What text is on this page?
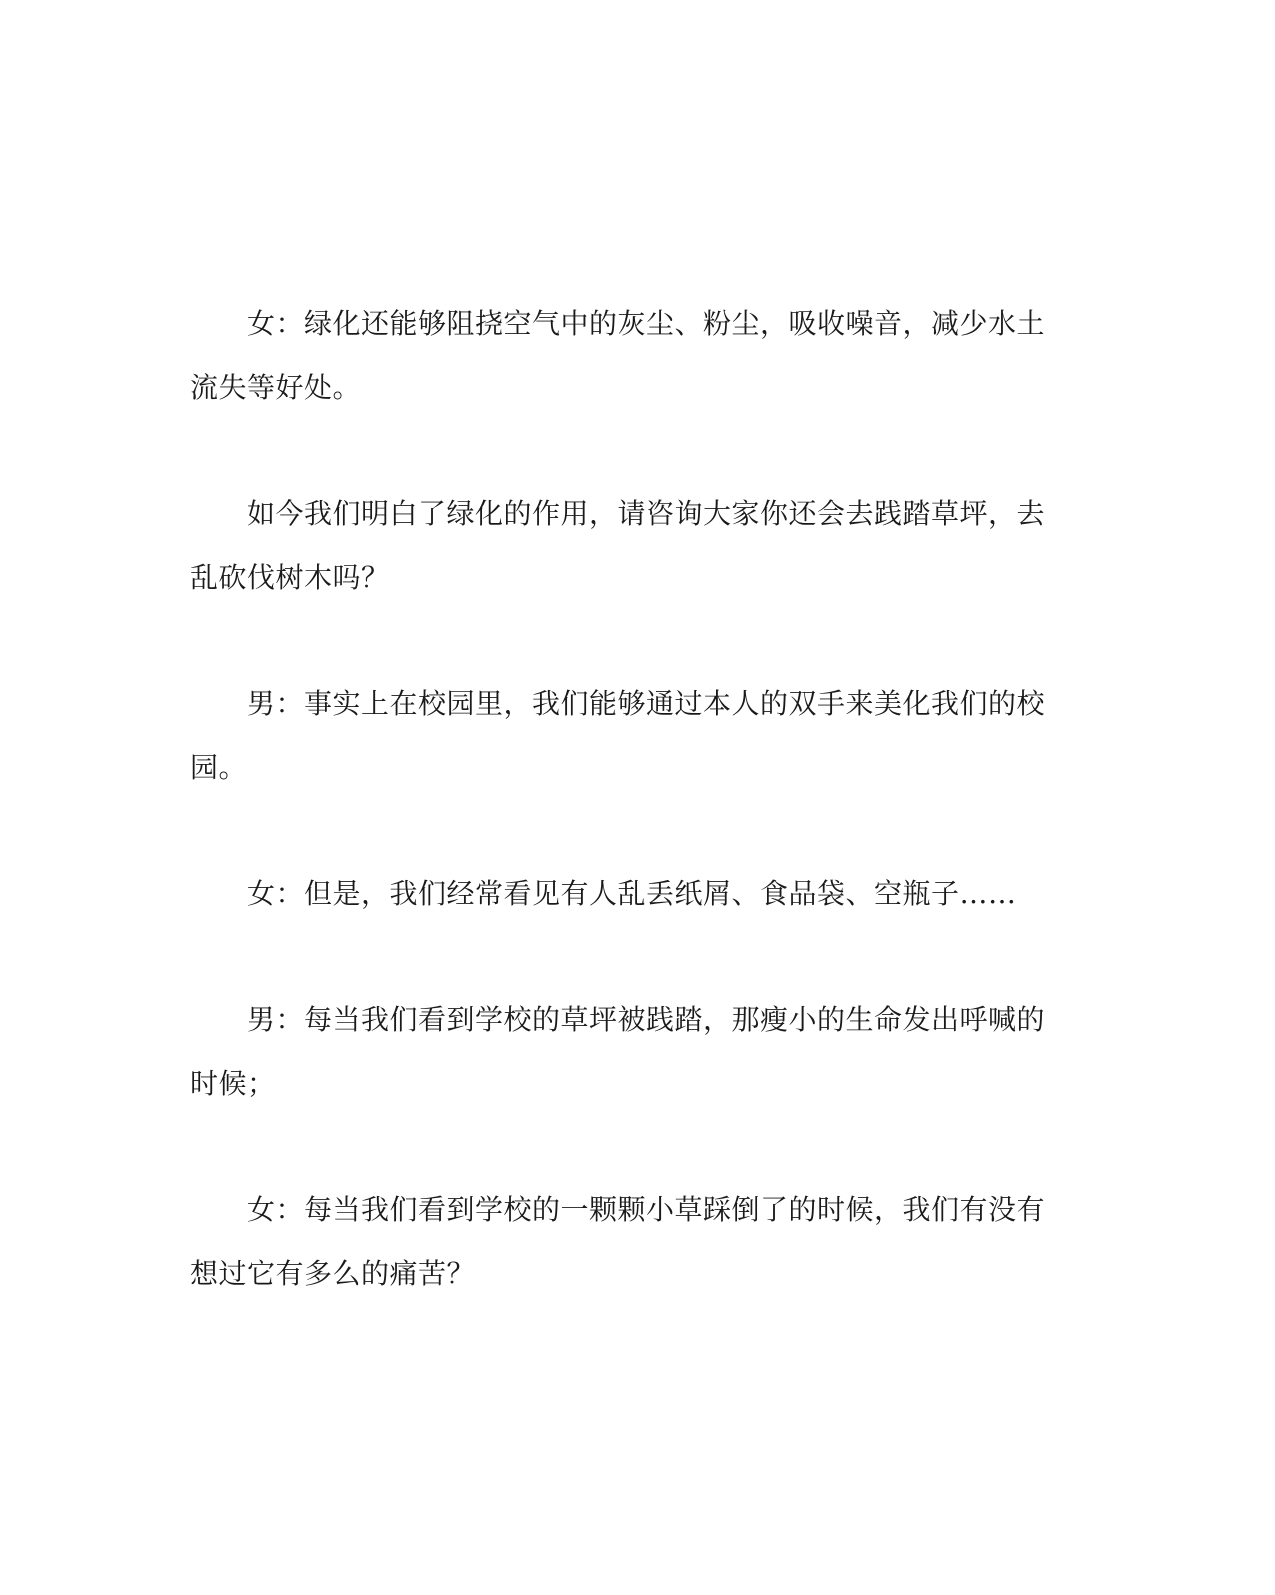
女：绿化还能够阻挠空气中的灰尘、粉尘，吸收噪音，减少水土流失等好处。

如今我们明白了绿化的作用，请咨询大家你还会去践踏草坪，去乱砍伐树木吗？

男：事实上在校园里，我们能够通过本人的双手来美化我们的校园。

女：但是，我们经常看见有人乱丢纸屑、食品袋、空瓶子……

男：每当我们看到学校的草坪被践踏，那瘦小的生命发出呼喊的时候；

女：每当我们看到学校的一颗颗小草踩倒了的时候，我们有没有想过它有多么的痛苦？
